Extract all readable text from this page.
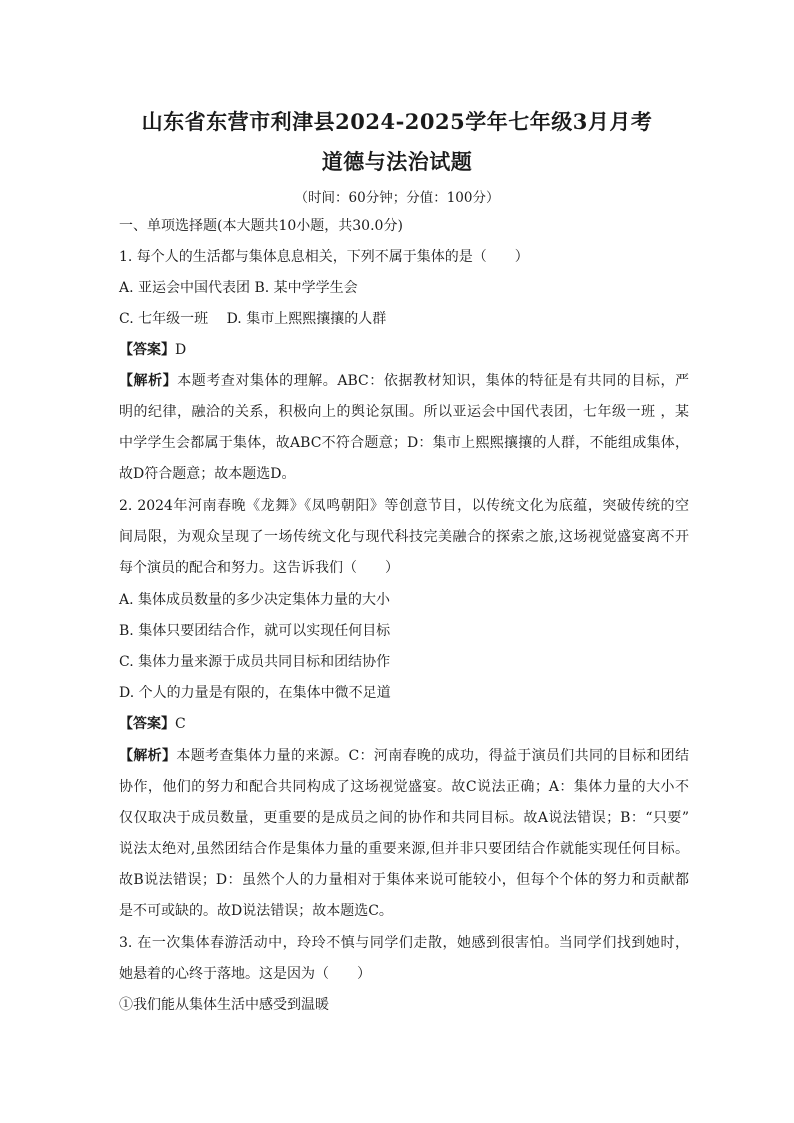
山东省东营市利津县2024-2025学年七年级3月月考
道德与法治试题
（时间：60分钟；分值：100分）
一、单项选择题(本大题共10小题，共30.0分)
1. 每个人的生活都与集体息息相关，下列不属于集体的是（　　）
A. 亚运会中国代表团 B. 某中学学生会
C. 七年级一班　 D. 集市上熙熙攘攘的人群
【答案】D
【解析】本题考查对集体的理解。ABC：依据教材知识，集体的特征是有共同的目标，严
明的纪律，融洽的关系，积极向上的舆论氛围。所以亚运会中国代表团，七年级一班 ，某
中学学生会都属于集体，故ABC不符合题意；D：集市上熙熙攘攘的人群，不能组成集体，
故D符合题意；故本题选D。
2. 2024年河南春晚《龙舞》《凤鸣朝阳》等创意节目，以传统文化为底蕴，突破传统的空
间局限，为观众呈现了一场传统文化与现代科技完美融合的探索之旅,这场视觉盛宴离不开
每个演员的配合和努力。这告诉我们（　　）
A. 集体成员数量的多少决定集体力量的大小
B. 集体只要团结合作，就可以实现任何目标
C. 集体力量来源于成员共同目标和团结协作
D. 个人的力量是有限的，在集体中微不足道
【答案】C
【解析】本题考查集体力量的来源。C：河南春晚的成功，得益于演员们共同的目标和团结
协作，他们的努力和配合共同构成了这场视觉盛宴。故C说法正确；A：集体力量的大小不
仅仅取决于成员数量，更重要的是成员之间的协作和共同目标。故A说法错误；B：“只要”
说法太绝对,虽然团结合作是集体力量的重要来源,但并非只要团结合作就能实现任何目标。
故B说法错误；D：虽然个人的力量相对于集体来说可能较小，但每个个体的努力和贡献都
是不可或缺的。故D说法错误；故本题选C。
3. 在一次集体春游活动中，玲玲不慎与同学们走散，她感到很害怕。当同学们找到她时，
她悬着的心终于落地。这是因为（　　）
①我们能从集体生活中感受到温暖
